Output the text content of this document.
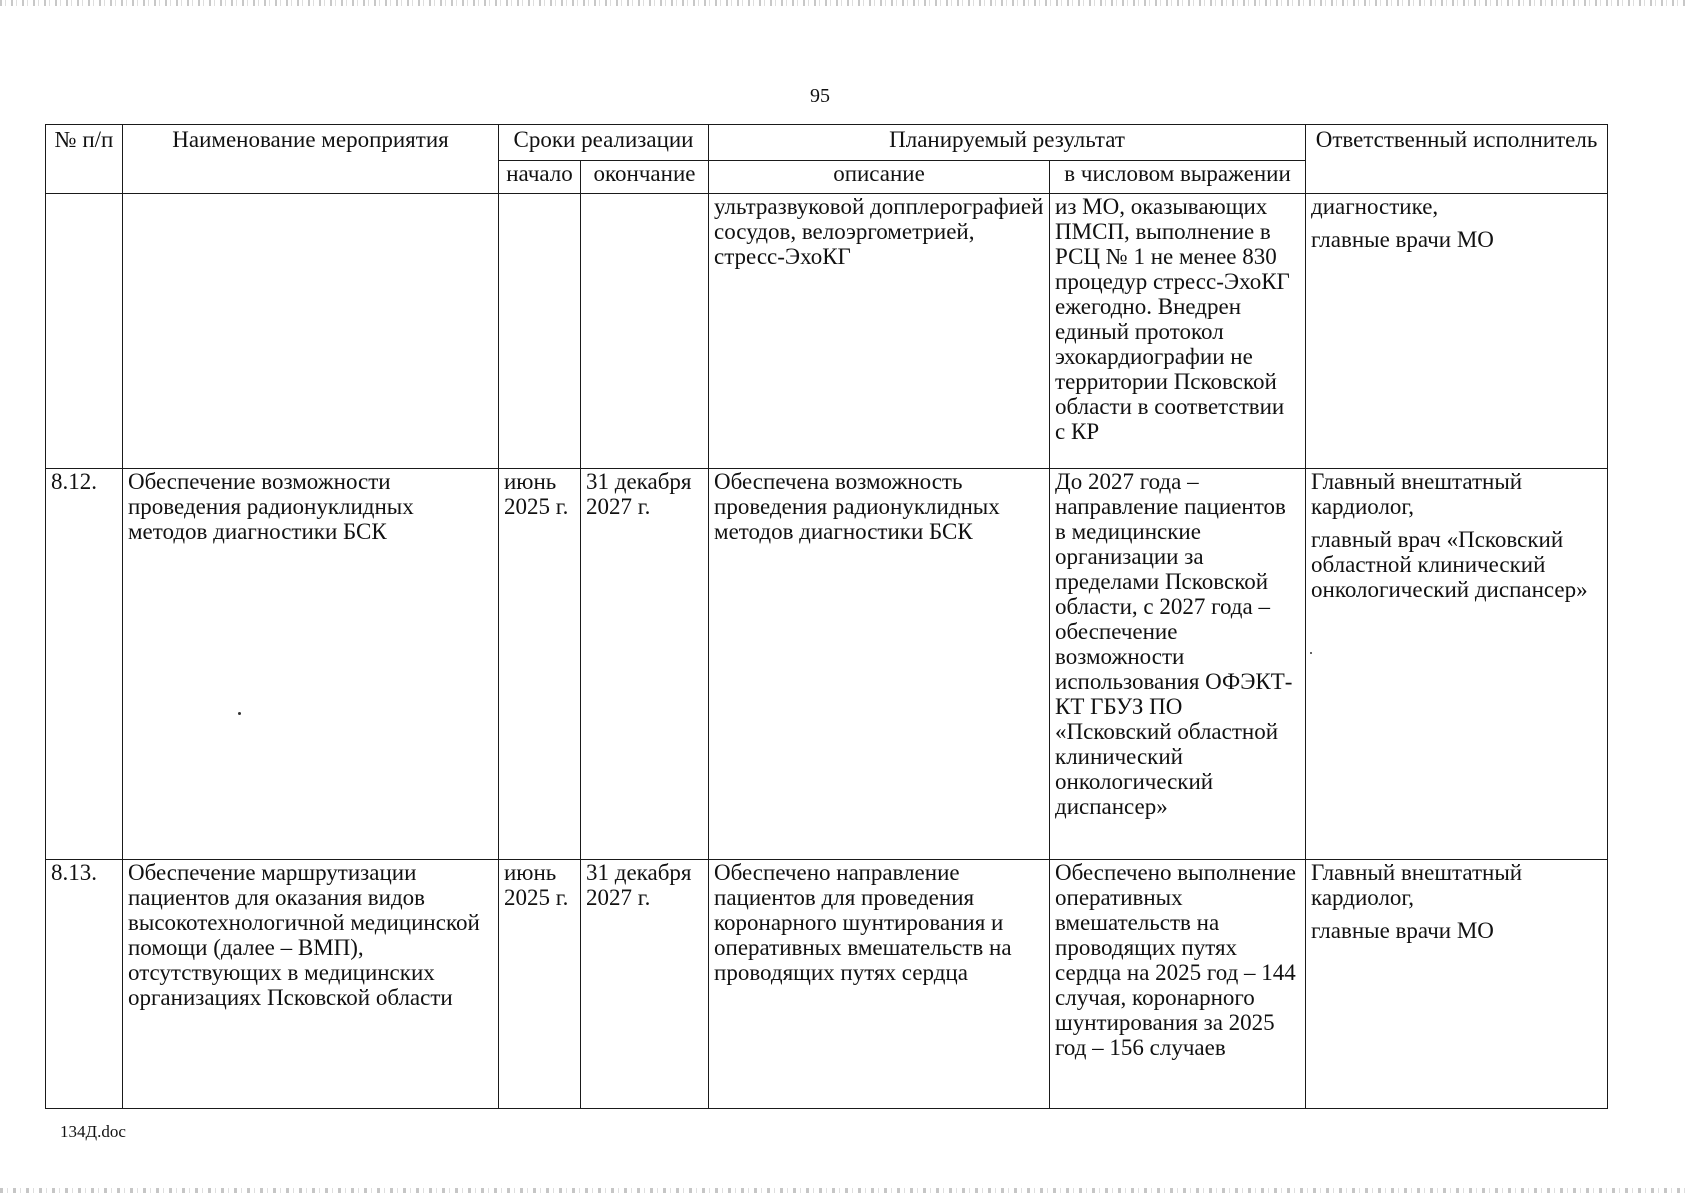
95
№ п/п	Наименование мероприятия	Сроки реализации		Планируемый результат		Ответственный исполнитель
		начало	окончание	описание	в числовом выражении	
				ультразвуковой допплерографией сосудов, велоэргометрией, стресс-ЭхоКГ	из МО, оказывающих ПМСП, выполнение в РСЦ № 1 не менее 830 процедур стресс-ЭхоКГ ежегодно. Внедрен единый протокол эхокардиографии не территории Псковской области в соответствии с КР	диагностике,

главные врачи МО

8.12.	Обеспечение возможности проведения радионуклидных методов диагностики БСК	июнь 2025 г.	31 декабря 2027 г.	Обеспечена возможность проведения радионуклидных методов диагностики БСК	До 2027 года – направление пациентов в медицинские организации за пределами Псковской области, с 2027 года – обеспечение возможности использования ОФЭКТ-КТ ГБУЗ ПО «Псковский областной клинический онкологический диспансер»	Главный внештатный кардиолог,

главный врач «Псковский областной клинический онкологический диспансер»

8.13.	Обеспечение маршрутизации пациентов для оказания видов высокотехнологичной медицинской помощи (далее – ВМП), отсутствующих в медицинских организациях Псковской области	июнь 2025 г.	31 декабря 2027 г.	Обеспечено направление пациентов для проведения коронарного шунтирования и оперативных вмешательств на проводящих путях сердца	Обеспечено выполнение оперативных вмешательств на проводящих путях сердца на 2025 год – 144 случая, коронарного шунтирования за 2025 год – 156 случаев	Главный внештатный кардиолог,

главные врачи МО

134Д.doc
